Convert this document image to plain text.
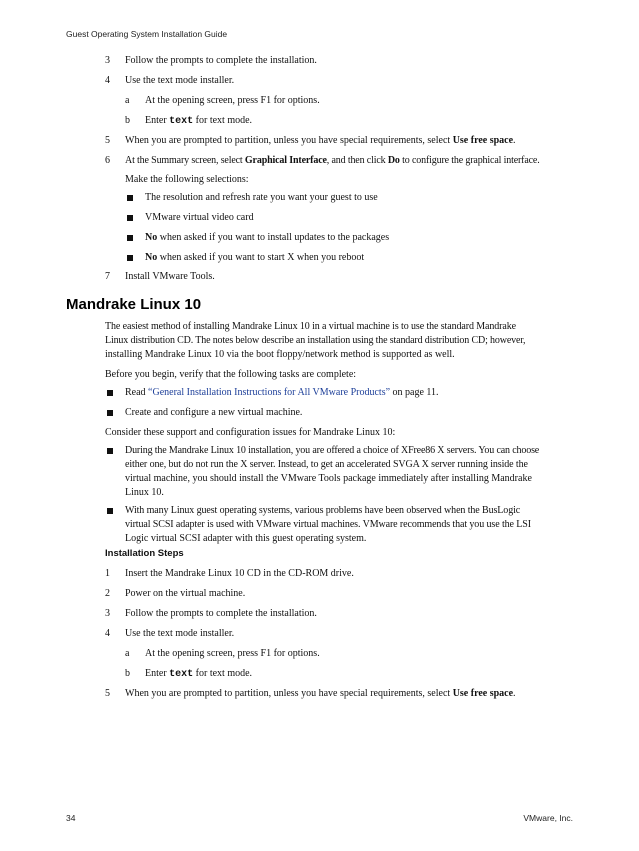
Guest Operating System Installation Guide
3 Follow the prompts to complete the installation.
4 Use the text mode installer.
a At the opening screen, press F1 for options.
b Enter text for text mode.
5 When you are prompted to partition, unless you have special requirements, select Use free space.
6 At the Summary screen, select Graphical Interface, and then click Do to configure the graphical interface.
Make the following selections:
The resolution and refresh rate you want your guest to use
VMware virtual video card
No when asked if you want to install updates to the packages
No when asked if you want to start X when you reboot
7 Install VMware Tools.
Mandrake Linux 10
The easiest method of installing Mandrake Linux 10 in a virtual machine is to use the standard Mandrake
Linux distribution CD. The notes below describe an installation using the standard distribution CD; however,
installing Mandrake Linux 10 via the boot floppy/network method is supported as well.
Before you begin, verify that the following tasks are complete:
Read “General Installation Instructions for All VMware Products” on page 11.
Create and configure a new virtual machine.
Consider these support and configuration issues for Mandrake Linux 10:
During the Mandrake Linux 10 installation, you are offered a choice of XFree86 X servers. You can choose
either one, but do not run the X server. Instead, to get an accelerated SVGA X server running inside the
virtual machine, you should install the VMware Tools package immediately after installing Mandrake
Linux 10.
With many Linux guest operating systems, various problems have been observed when the BusLogic
virtual SCSI adapter is used with VMware virtual machines. VMware recommends that you use the LSI
Logic virtual SCSI adapter with this guest operating system.
Installation Steps
1 Insert the Mandrake Linux 10 CD in the CD-ROM drive.
2 Power on the virtual machine.
3 Follow the prompts to complete the installation.
4 Use the text mode installer.
a At the opening screen, press F1 for options.
b Enter text for text mode.
5 When you are prompted to partition, unless you have special requirements, select Use free space.
34	VMware, Inc.
